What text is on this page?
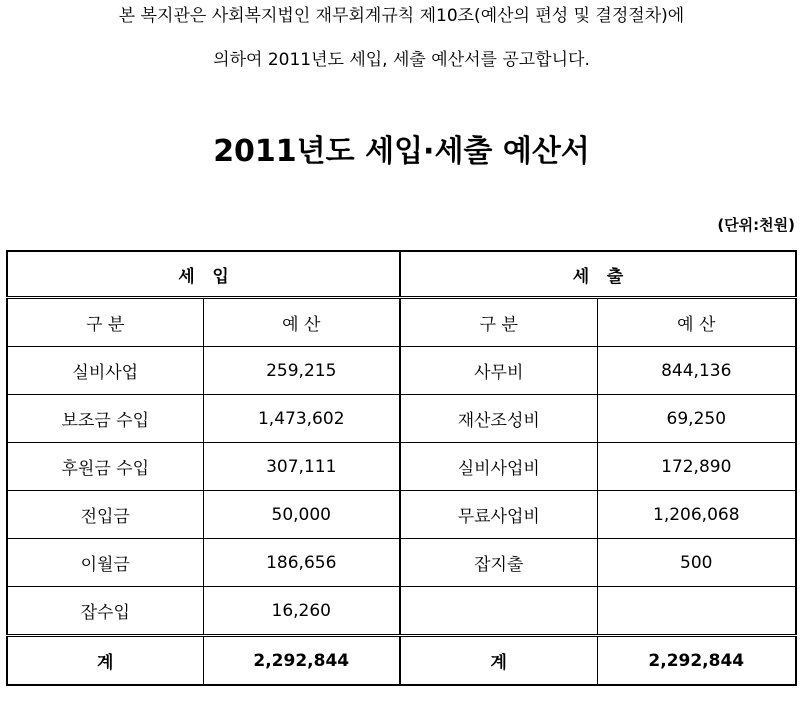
본 복지관은 사회복지법인 재무회계규칙 제10조(예산의 편성 및 결정절차)에
의하여 2011년도 세입, 세출 예산서를 공고합니다.
2011년도 세입·세출 예산서
(단위:천원)
세   입		세   출	
구 분	예 산	구 분	예 산
실비사업	259,215	사무비	844,136
보조금 수입	1,473,602	재산조성비	69,250
후원금 수입	307,111	실비사업비	172,890
전입금	50,000	무료사업비	1,206,068
이월금	186,656	잡지출	500
잡수입	16,260		
계	2,292,844	계	2,292,844
